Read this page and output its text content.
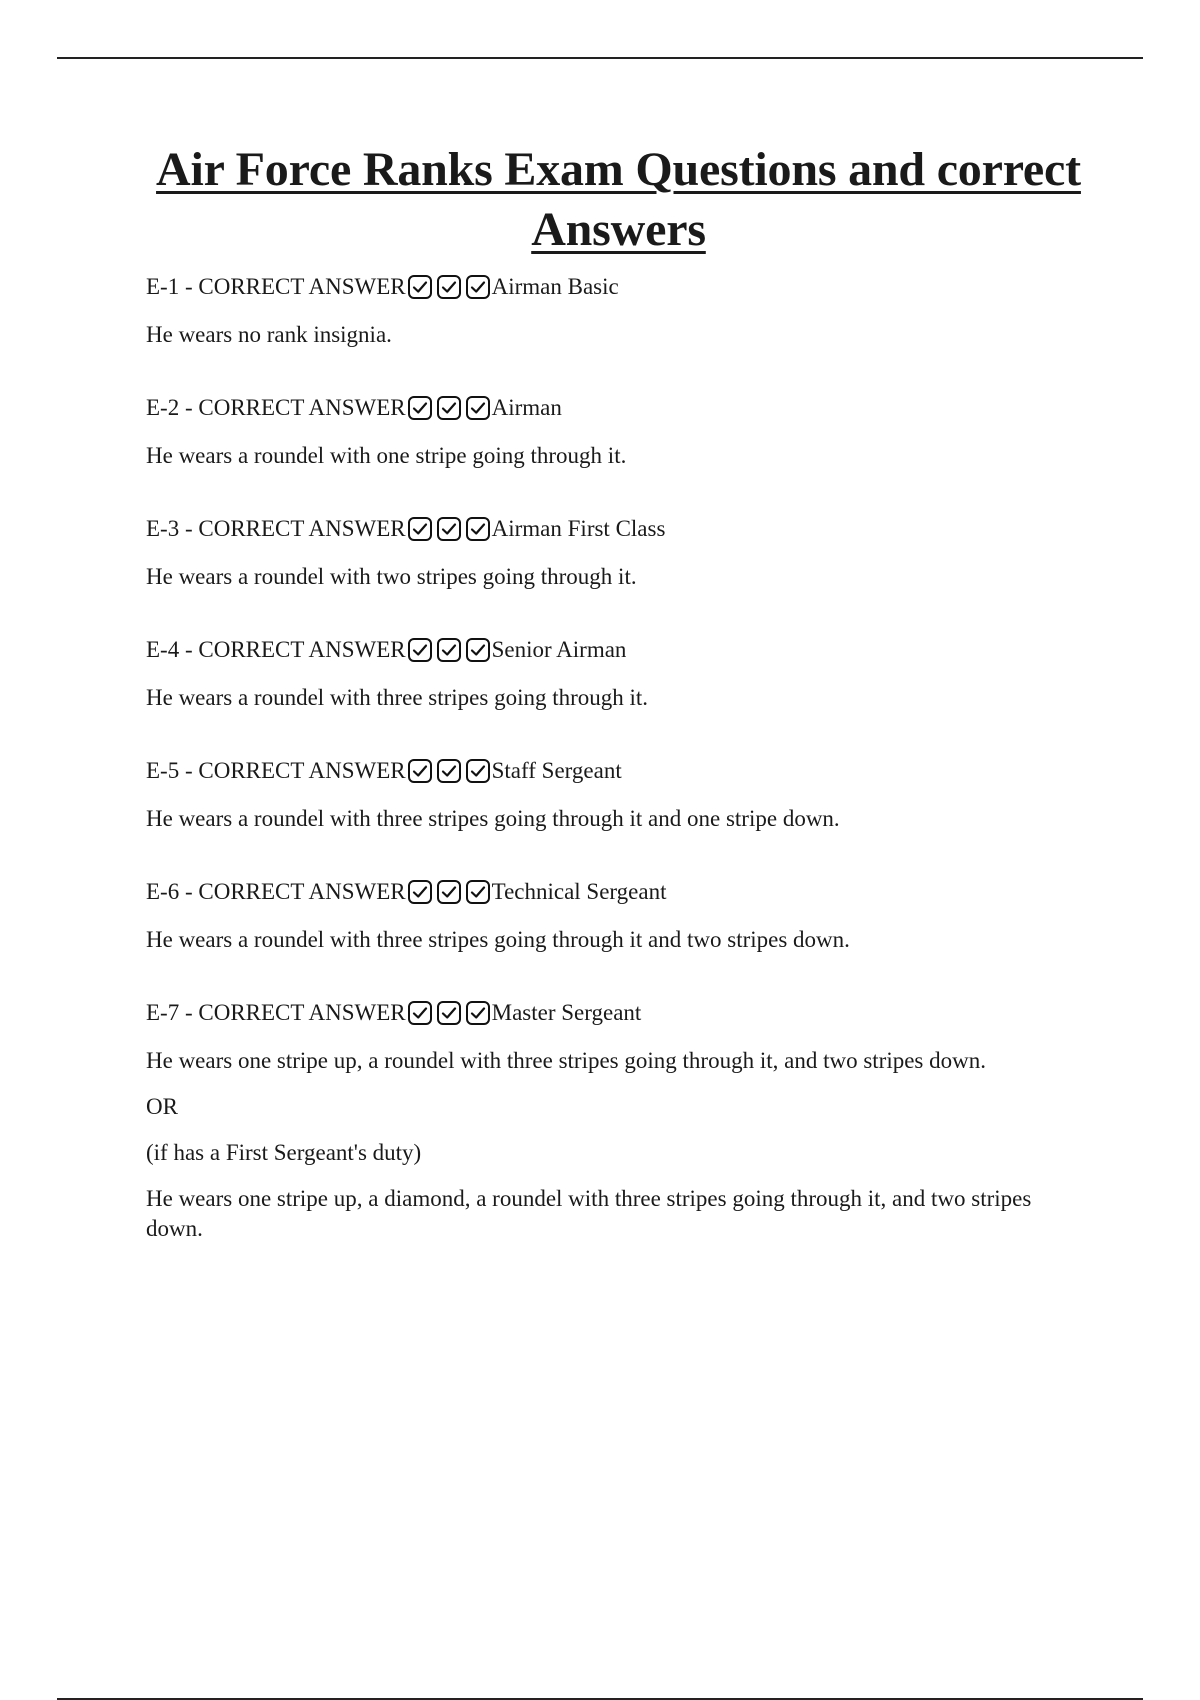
Air Force Ranks Exam Questions and correct Answers
E-1 - CORRECT ANSWER	Airman Basic
He wears no rank insignia.
E-2 - CORRECT ANSWER	Airman
He wears a roundel with one stripe going through it.
E-3 - CORRECT ANSWER	Airman First Class
He wears a roundel with two stripes going through it.
E-4 - CORRECT ANSWER	Senior Airman
He wears a roundel with three stripes going through it.
E-5 - CORRECT ANSWER	Staff Sergeant
He wears a roundel with three stripes going through it and one stripe down.
E-6 - CORRECT ANSWER	Technical Sergeant
He wears a roundel with three stripes going through it and two stripes down.
E-7 - CORRECT ANSWER	Master Sergeant
He wears one stripe up, a roundel with three stripes going through it, and two stripes down.
OR
(if has a First Sergeant's duty)
He wears one stripe up, a diamond, a roundel with three stripes going through it, and two stripes down.
